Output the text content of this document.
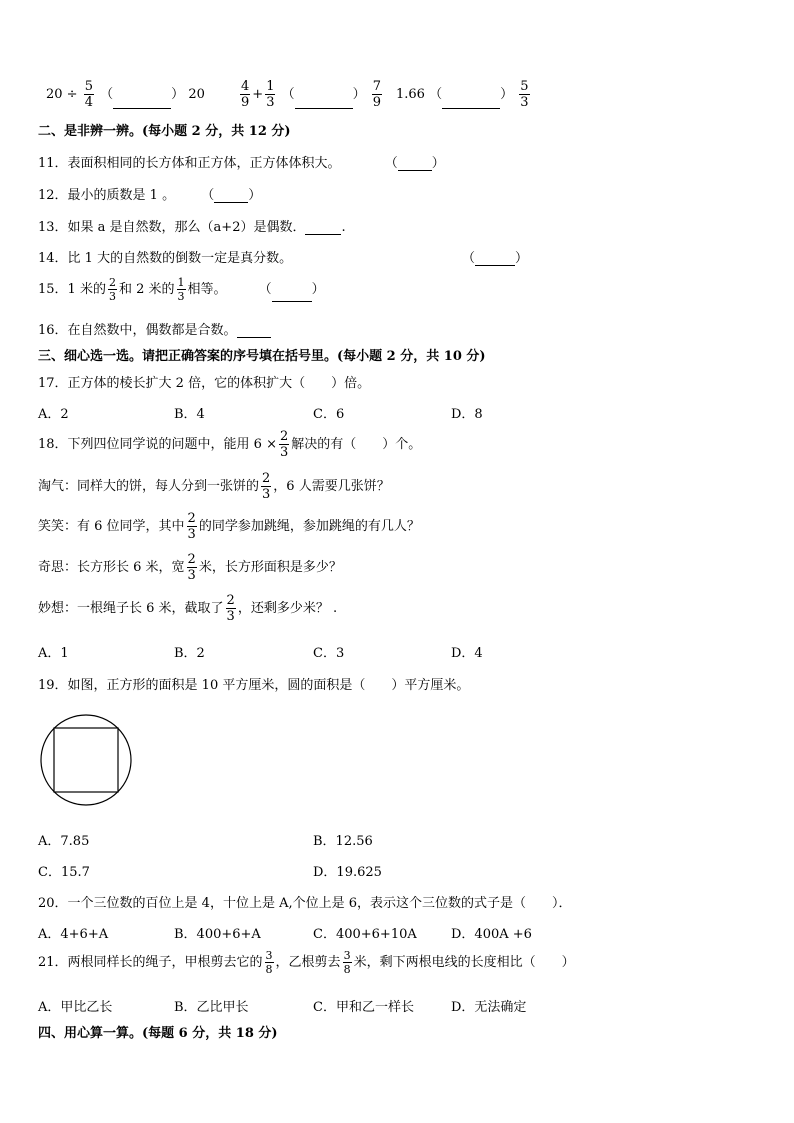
$20 \div \frac{5}{4}$ （	） 20	$\frac{4}{9} + \frac{1}{3}$ （	） $\frac{7}{9} 1.66$ （	） $\frac{5}{3}$
二、是非辨一辨。(每小题 2 分，共 12 分)
11．表面积相同的长方体和正方体，正方体体积大。	（	）
12．最小的质数是 1 。 （	）
13．如果 a 是自然数，那么（a+2）是偶数．	.
14．比 1 大的自然数的倒数一定是真分数。	（	）
15．1 米的 $\frac{2}{3}$ 和 2 米的 $\frac{1}{3}$ 相等。 （	）
16．在自然数中，偶数都是合数。
三、细心选一选。请把正确答案的序号填在括号里。(每小题 2 分，共 10 分)
17．正方体的棱长扩大 2 倍，它的体积扩大（　　）倍。
A．2	B．4	C．6	D．8
18．下列四位同学说的问题中，能用 $6 \times \frac{2}{3}$ 解决的有（　　）个。
淘气：同样大的饼，每人分到一张饼的 $\frac{2}{3}$ ，6 人需要几张饼？
笑笑：有 6 位同学，其中 $\frac{2}{3}$ 的同学参加跳绳，参加跳绳的有几人？
奇思：长方形长 6 米，宽 $\frac{2}{3}$ 米，长方形面积是多少？
妙想：一根绳子长 6 米，截取了 $\frac{2}{3}$ ，还剩多少米？ .
A．1	B．2	C．3	D．4
19．如图，正方形的面积是 10 平方厘米，圆的面积是（　　）平方厘米。
A．7.85	B．12.56
C．15.7	D．19.625
20．一个三位数的百位上是 4，十位上是 A,个位上是 6，表示这个三位数的式子是（　　）．
A．4+6+A	B．400+6+A	C．400+6+10A	D．400A +6
21．两根同样长的绳子，甲根剪去它的 $\frac{3}{8}$ ，乙根剪去 $\frac{3}{8}$ 米，剩下两根电线的长度相比（　　）
A．甲比乙长	B．乙比甲长	C．甲和乙一样长	D．无法确定
四、用心算一算。(每题 6 分，共 18 分)
